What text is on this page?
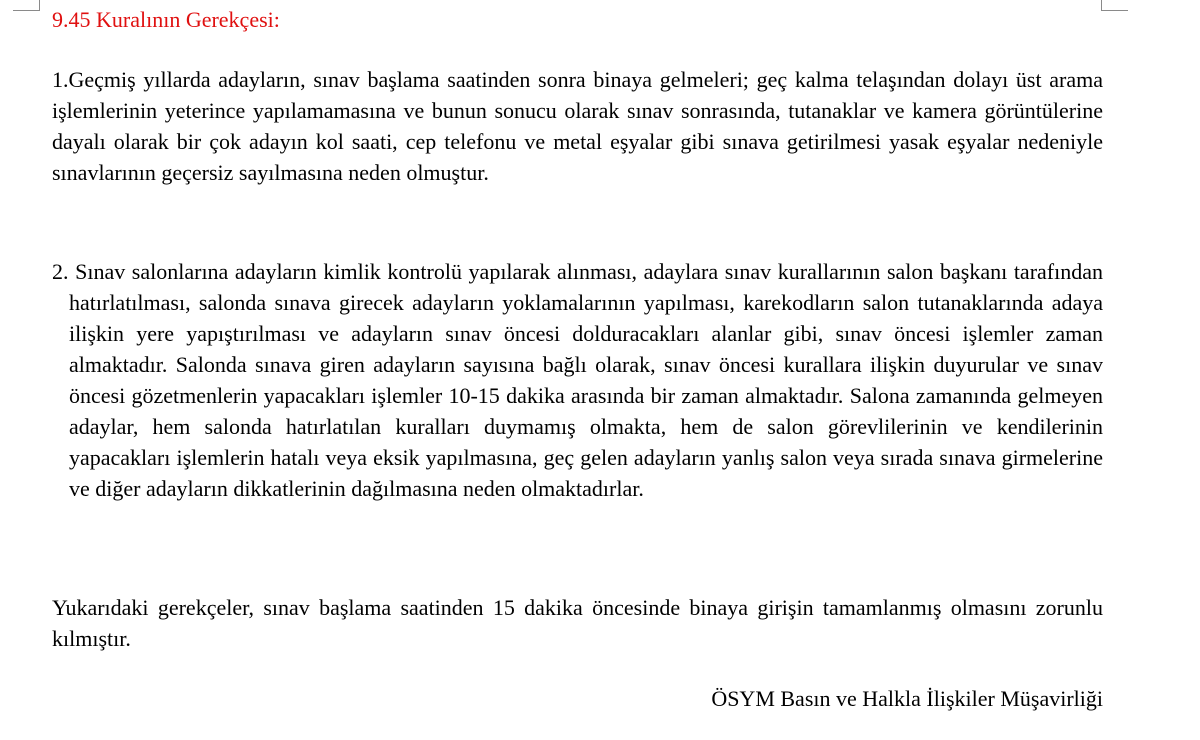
9.45 Kuralının Gerekçesi:

1.Geçmiş yıllarda adayların, sınav başlama saatinden sonra binaya gelmeleri; geç kalma telaşından dolayı üst arama işlemlerinin yeterince yapılamamasına ve bunun sonucu olarak sınav sonrasında, tutanaklar ve kamera görüntülerine dayalı olarak bir çok adayın kol saati, cep telefonu ve metal eşyalar gibi sınava getirilmesi yasak eşyalar nedeniyle sınavlarının geçersiz sayılmasına neden olmuştur.

2. Sınav salonlarına adayların kimlik kontrolü yapılarak alınması, adaylara sınav kurallarının salon başkanı tarafından hatırlatılması, salonda sınava girecek adayların yoklamalarının yapılması, karekodların salon tutanaklarında adaya ilişkin yere yapıştırılması ve adayların sınav öncesi dolduracakları alanlar gibi, sınav öncesi işlemler zaman almaktadır. Salonda sınava giren adayların sayısına bağlı olarak, sınav öncesi kurallara ilişkin duyurular ve sınav öncesi gözetmenlerin yapacakları işlemler 10-15 dakika arasında bir zaman almaktadır. Salona zamanında gelmeyen adaylar, hem salonda hatırlatılan kuralları duymamış olmakta, hem de salon görevlilerinin ve kendilerinin yapacakları işlemlerin hatalı veya eksik yapılmasına, geç gelen adayların yanlış salon veya sırada sınava girmelerine ve diğer adayların dikkatlerinin dağılmasına neden olmaktadırlar.

Yukarıdaki gerekçeler, sınav başlama saatinden 15 dakika öncesinde binaya girişin tamamlanmış olmasını zorunlu kılmıştır.

ÖSYM Basın ve Halkla İlişkiler Müşavirliği
